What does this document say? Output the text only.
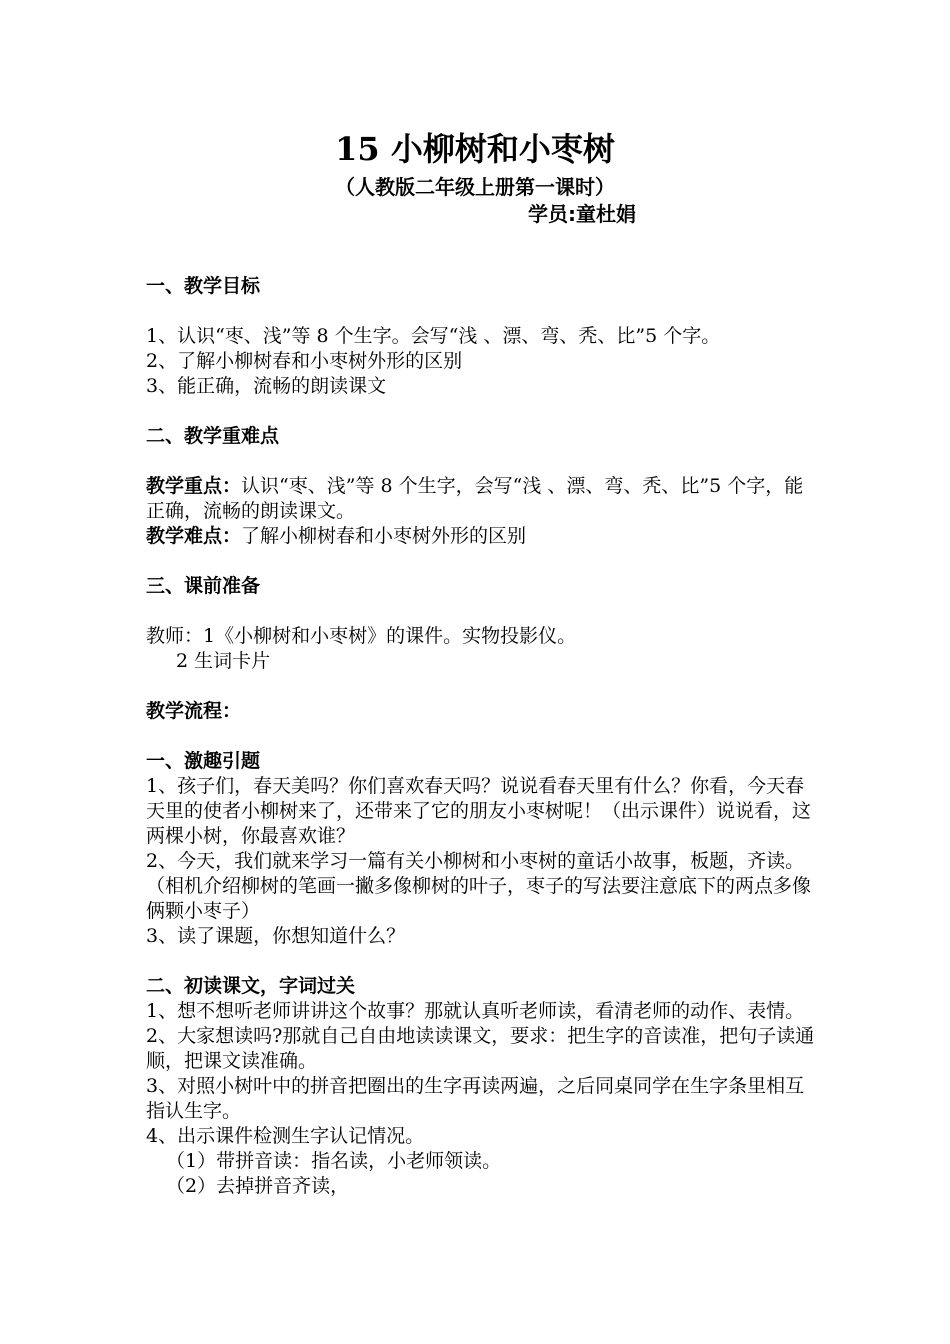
15 小柳树和小枣树
（人教版二年级上册第一课时）
学员:童杜娟

一、教学目标

1、认识“枣、浅”等 8 个生字。会写“浅 、漂、弯、秃、比”5 个字。

2、了解小柳树春和小枣树外形的区别

3、能正确，流畅的朗读课文

二、教学重难点

教学重点：认识“枣、浅”等 8 个生字，会写“浅 、漂、弯、秃、比”5 个字，能正确，流畅的朗读课文。

教学难点：了解小柳树春和小枣树外形的区别

三、课前准备

教师：1《小柳树和小枣树》的课件。实物投影仪。

2 生词卡片

教学流程：

一、激趣引题

1、孩子们，春天美吗？你们喜欢春天吗？说说看春天里有什么？你看，今天春天里的使者小柳树来了，还带来了它的朋友小枣树呢！（出示课件）说说看，这两棵小树，你最喜欢谁？

2、今天，我们就来学习一篇有关小柳树和小枣树的童话小故事，板题，齐读。（相机介绍柳树的笔画一撇多像柳树的叶子，枣子的写法要注意底下的两点多像俩颗小枣子）

3、读了课题，你想知道什么？

二、初读课文，字词过关

1、想不想听老师讲讲这个故事？那就认真听老师读，看清老师的动作、表情。

2、大家想读吗?那就自己自由地读读课文，要求：把生字的音读准，把句子读通顺，把课文读准确。

3、对照小树叶中的拼音把圈出的生字再读两遍，之后同桌同学在生字条里相互指认生字。

4、出示课件检测生字认记情况。

（1）带拼音读：指名读，小老师领读。

（2）去掉拼音齐读，
